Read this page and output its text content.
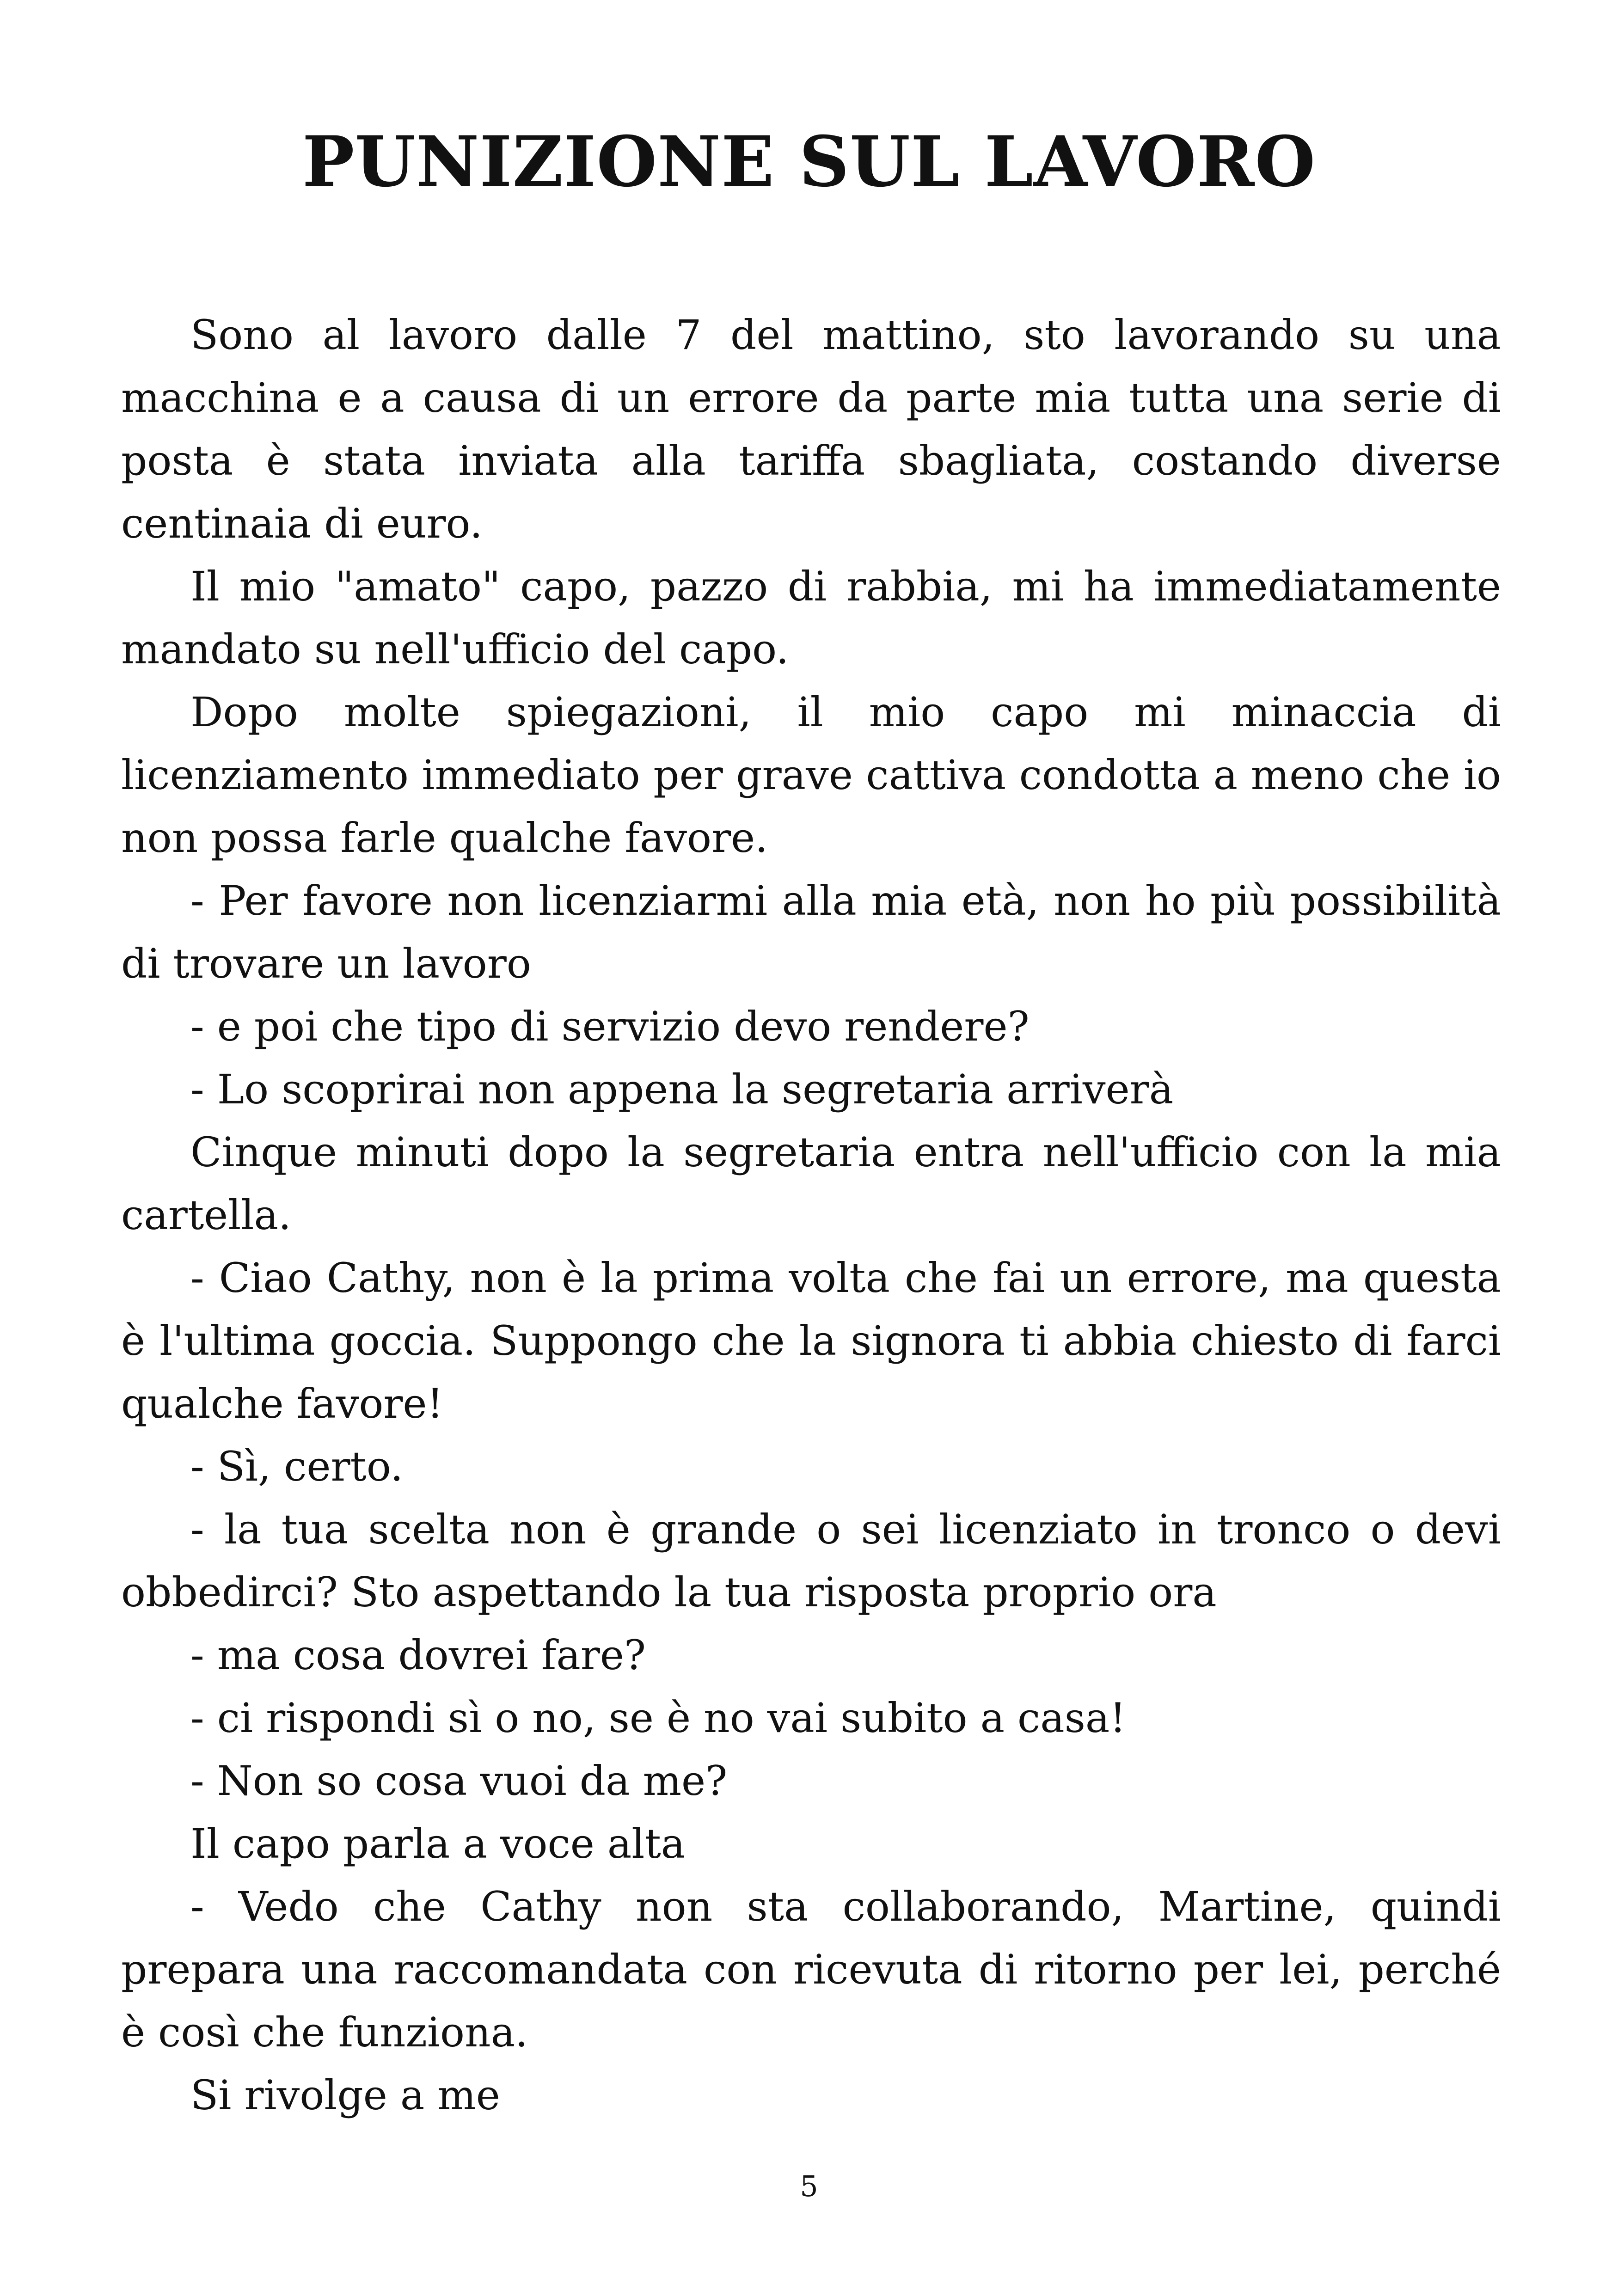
PUNIZIONE SUL LAVORO

Sono al lavoro dalle 7 del mattino, sto lavorando su una macchina e a causa di un errore da parte mia tutta una serie di posta è stata inviata alla tariffa sbagliata, costando diverse centinaia di euro.

Il mio "amato" capo, pazzo di rabbia, mi ha immediatamente mandato su nell'ufficio del capo.

Dopo molte spiegazioni, il mio capo mi minaccia di licenziamento immediato per grave cattiva condotta a meno che io non possa farle qualche favore.

- Per favore non licenziarmi alla mia età, non ho più possibilità di trovare un lavoro

- e poi che tipo di servizio devo rendere?

- Lo scoprirai non appena la segretaria arriverà

Cinque minuti dopo la segretaria entra nell'ufficio con la mia cartella.

- Ciao Cathy, non è la prima volta che fai un errore, ma questa è l'ultima goccia. Suppongo che la signora ti abbia chiesto di farci qualche favore!

- Sì, certo.

- la tua scelta non è grande o sei licenziato in tronco o devi obbedirci? Sto aspettando la tua risposta proprio ora

- ma cosa dovrei fare?

- ci rispondi sì o no, se è no vai subito a casa!

- Non so cosa vuoi da me?

Il capo parla a voce alta

- Vedo che Cathy non sta collaborando, Martine, quindi prepara una raccomandata con ricevuta di ritorno per lei, perché è così che funziona.

Si rivolge a me

5
